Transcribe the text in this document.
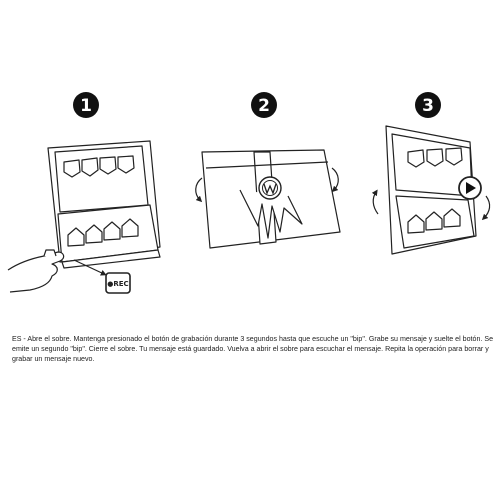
1	2	3
●REC

ES - Abre el sobre. Mantenga presionado el botón de grabación durante 3 segundos hasta que escuche un "bip". Grabe su mensaje y suelte el botón. Se emite un segundo "bip". Cierre el sobre. Tu mensaje está guardado. Vuelva a abrir el sobre para escuchar el mensaje. Repita la operación para borrar y grabar un mensaje nuevo.
